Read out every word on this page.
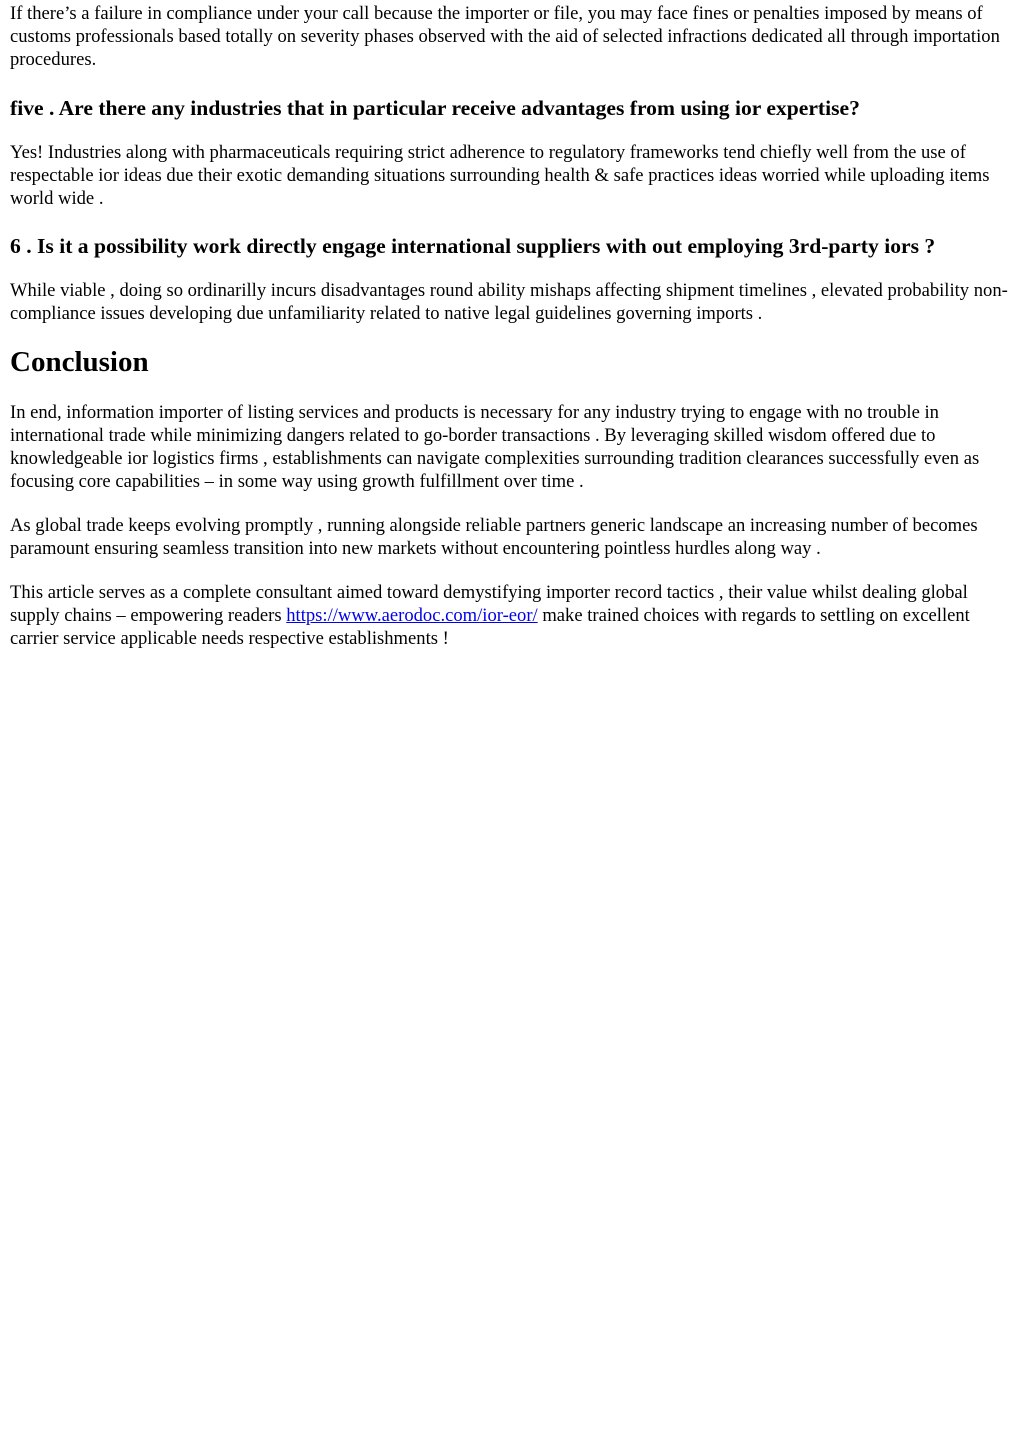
If there’s a failure in compliance under your call because the importer or file, you may face fines or penalties imposed by means of customs professionals based totally on severity phases observed with the aid of selected infractions dedicated all through importation procedures.

five . Are there any industries that in particular receive advantages from using ior expertise?

Yes! Industries along with pharmaceuticals requiring strict adherence to regulatory frameworks tend chiefly well from the use of respectable ior ideas due their exotic demanding situations surrounding health & safe practices ideas worried while uploading items world wide .

6 . Is it a possibility work directly engage international suppliers with out employing 3rd-party iors ?

While viable , doing so ordinarilly incurs disadvantages round ability mishaps affecting shipment timelines , elevated probability non-compliance issues developing due unfamiliarity related to native legal guidelines governing imports .

Conclusion

In end, information importer of listing services and products is necessary for any industry trying to engage with no trouble in international trade while minimizing dangers related to go-border transactions . By leveraging skilled wisdom offered due to knowledgeable ior logistics firms , establishments can navigate complexities surrounding tradition clearances successfully even as focusing core capabilities – in some way using growth fulfillment over time .

As global trade keeps evolving promptly , running alongside reliable partners generic landscape an increasing number of becomes paramount ensuring seamless transition into new markets without encountering pointless hurdles along way .

This article serves as a complete consultant aimed toward demystifying importer record tactics , their value whilst dealing global supply chains – empowering readers https://www.aerodoc.com/ior-eor/ make trained choices with regards to settling on excellent carrier service applicable needs respective establishments !
